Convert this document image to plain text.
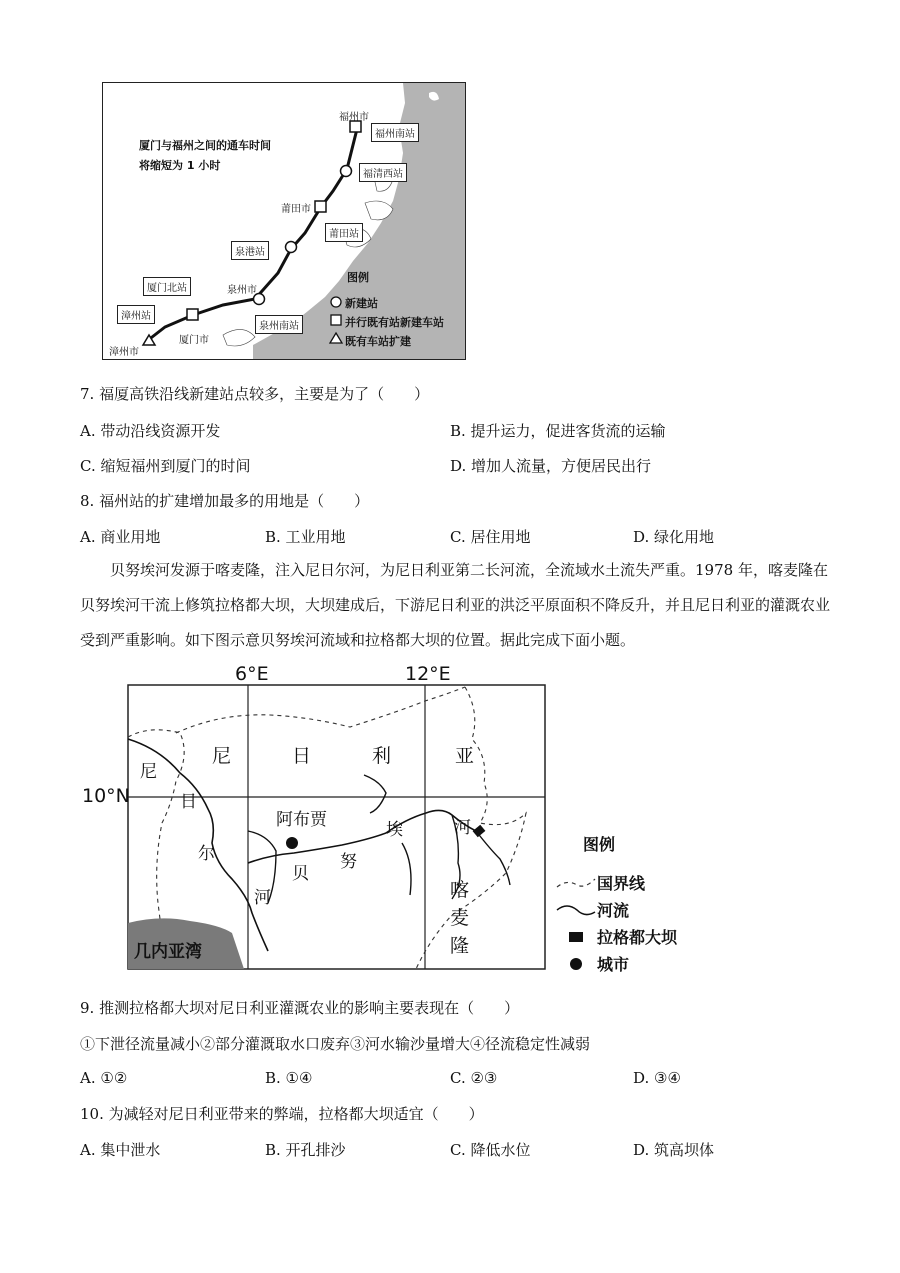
厦门与福州之间的通车时间
将缩短为 1 小时
福州市
福州南站
福清西站
莆田市
莆田站
泉港站
泉州市
泉州南站
厦门北站
漳州站
漳州市
厦门市
图例
新建站
并行既有站新建车站
既有车站扩建
7. 福厦高铁沿线新建站点较多，主要是为了（　　）
A. 带动沿线资源开发	B. 提升运力，促进客货流的运输
C. 缩短福州到厦门的时间	D. 增加人流量，方便居民出行
8. 福州站的扩建增加最多的用地是（　　）
A. 商业用地	B. 工业用地	C. 居住用地	D. 绿化用地
贝努埃河发源于喀麦隆，注入尼日尔河，为尼日利亚第二长河流，全流域水土流失严重。1978 年，喀麦隆在贝努埃河干流上修筑拉格都大坝，大坝建成后，下游尼日利亚的洪泛平原面积不降反升，并且尼日利亚的灌溉农业受到严重影响。如下图示意贝努埃河流域和拉格都大坝的位置。据此完成下面小题。
6°E	12°E
10°N
尼	日	利	亚
尼
日
尔
河
阿布贾
贝
努
埃	河
喀
麦
隆
几内亚湾
图例
国界线
河流
拉格都大坝
城市
9. 推测拉格都大坝对尼日利亚灌溉农业的影响主要表现在（　　）
①下泄径流量减小②部分灌溉取水口废弃③河水输沙量增大④径流稳定性减弱
A. ①②	B. ①④	C. ②③	D. ③④
10. 为减轻对尼日利亚带来的弊端，拉格都大坝适宜（　　）
A. 集中泄水	B. 开孔排沙	C. 降低水位	D. 筑高坝体
